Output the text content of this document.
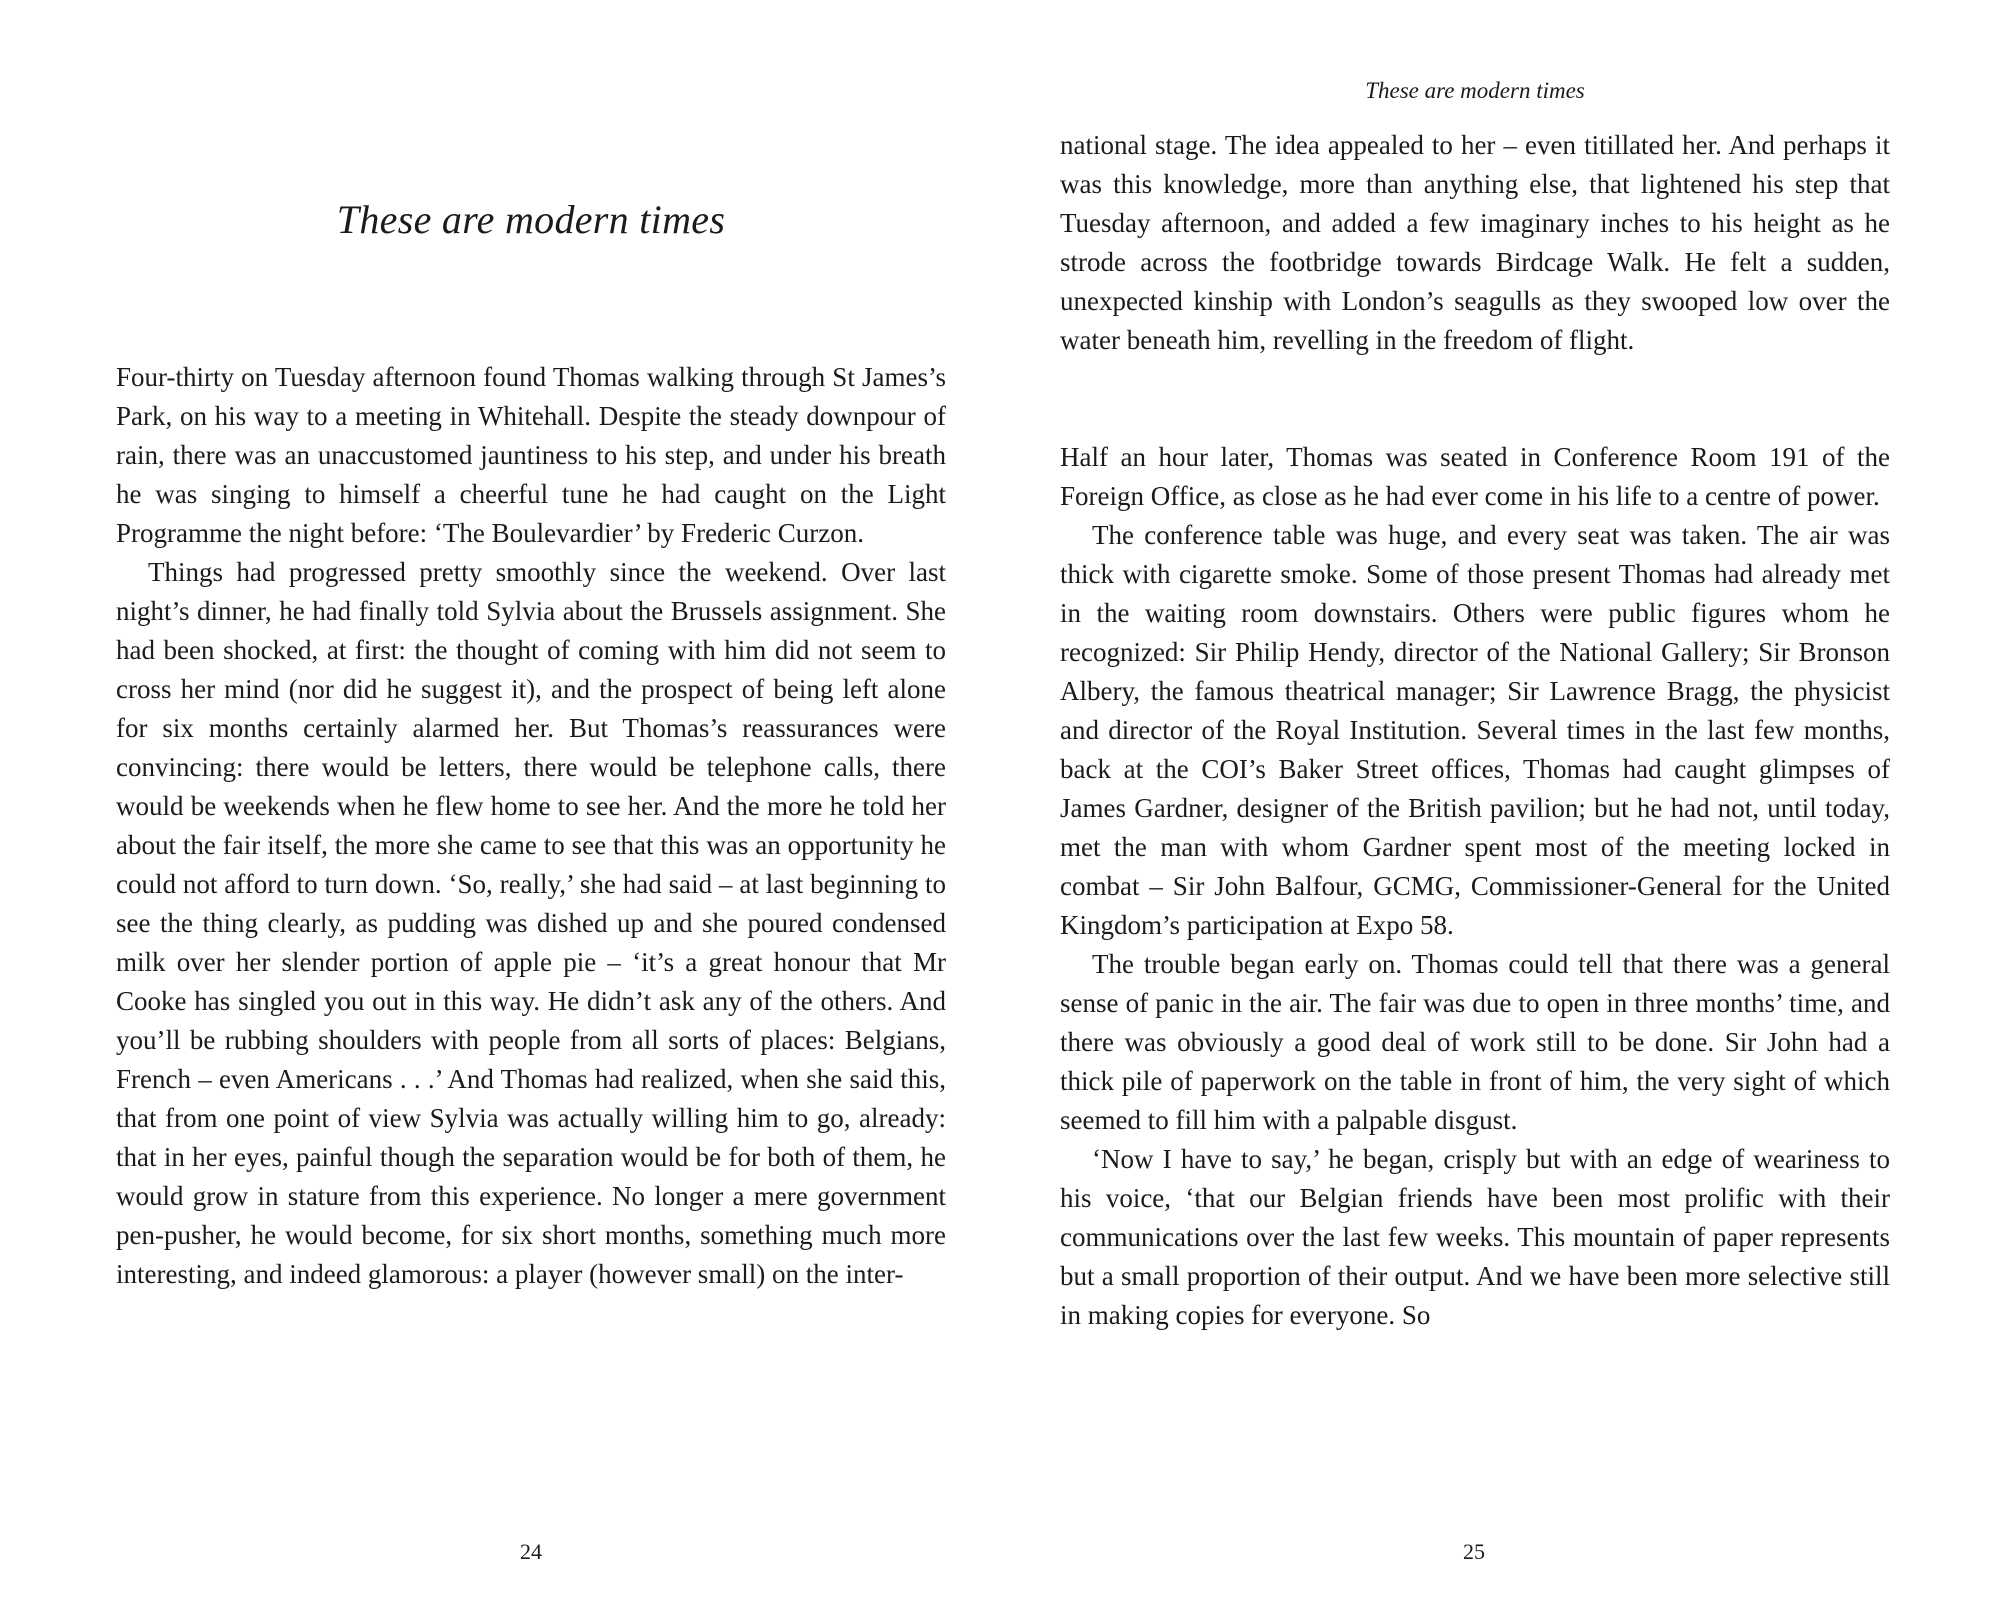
These are modern times

Four-thirty on Tuesday afternoon found Thomas walking through St James’s Park, on his way to a meeting in Whitehall. Despite the steady downpour of rain, there was an unaccustomed jauntiness to his step, and under his breath he was singing to himself a cheerful tune he had caught on the Light Programme the night before: ‘The Boulevardier’ by Frederic Curzon.

Things had progressed pretty smoothly since the weekend. Over last night’s dinner, he had finally told Sylvia about the Brussels assignment. She had been shocked, at first: the thought of coming with him did not seem to cross her mind (nor did he suggest it), and the prospect of being left alone for six months certainly alarmed her. But Thomas’s reassurances were convincing: there would be letters, there would be telephone calls, there would be weekends when he flew home to see her. And the more he told her about the fair itself, the more she came to see that this was an opportunity he could not afford to turn down. ‘So, really,’ she had said – at last beginning to see the thing clearly, as pudding was dished up and she poured condensed milk over her slender portion of apple pie – ‘it’s a great honour that Mr Cooke has singled you out in this way. He didn’t ask any of the others. And you’ll be rubbing shoulders with people from all sorts of places: Belgians, French – even Americans . . .’ And Thomas had realized, when she said this, that from one point of view Sylvia was actually willing him to go, already: that in her eyes, painful though the separation would be for both of them, he would grow in stature from this experience. No longer a mere government pen-pusher, he would become, for six short months, something much more interesting, and indeed glamorous: a player (however small) on the inter-

24
These are modern times

national stage. The idea appealed to her – even titillated her. And perhaps it was this knowledge, more than anything else, that lightened his step that Tuesday afternoon, and added a few imaginary inches to his height as he strode across the footbridge towards Birdcage Walk. He felt a sudden, unexpected kinship with London’s seagulls as they swooped low over the water beneath him, revelling in the freedom of flight.

Half an hour later, Thomas was seated in Conference Room 191 of the Foreign Office, as close as he had ever come in his life to a centre of power.

The conference table was huge, and every seat was taken. The air was thick with cigarette smoke. Some of those present Thomas had already met in the waiting room downstairs. Others were public figures whom he recognized: Sir Philip Hendy, director of the National Gallery; Sir Bronson Albery, the famous theatrical manager; Sir Lawrence Bragg, the physicist and director of the Royal Institution. Several times in the last few months, back at the COI’s Baker Street offices, Thomas had caught glimpses of James Gardner, designer of the British pavilion; but he had not, until today, met the man with whom Gardner spent most of the meeting locked in combat – Sir John Balfour, GCMG, Commissioner-General for the United Kingdom’s participation at Expo 58.

The trouble began early on. Thomas could tell that there was a general sense of panic in the air. The fair was due to open in three months’ time, and there was obviously a good deal of work still to be done. Sir John had a thick pile of paperwork on the table in front of him, the very sight of which seemed to fill him with a palpable disgust.

‘Now I have to say,’ he began, crisply but with an edge of weariness to his voice, ‘that our Belgian friends have been most prolific with their communications over the last few weeks. This mountain of paper represents but a small proportion of their output. And we have been more selective still in making copies for everyone. So

25
